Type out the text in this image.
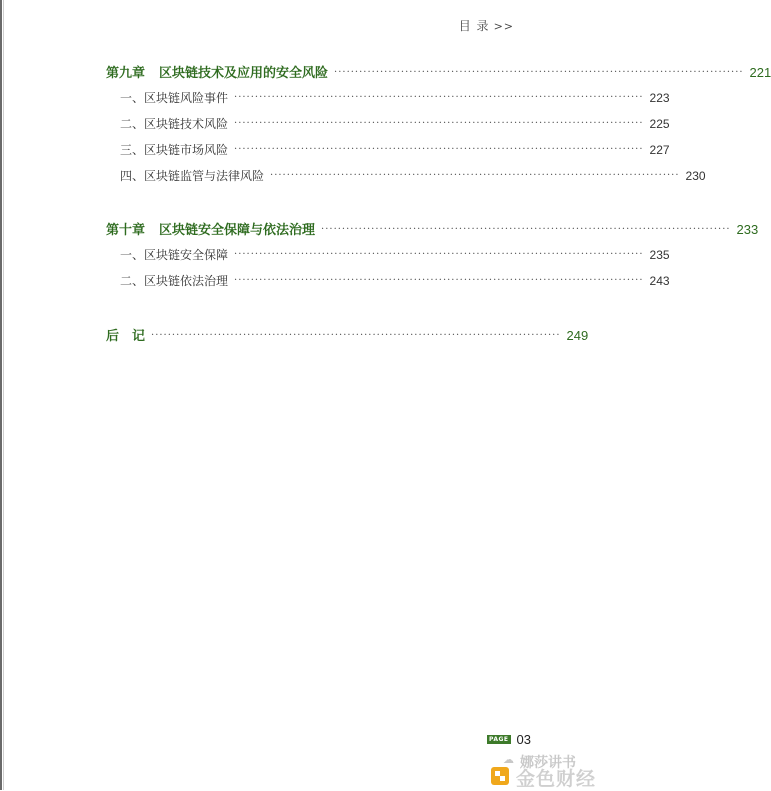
目 录 >>
第九章 区块链技术及应用的安全风险 ·································································································· 221
一、区块链风险事件 ·································································································· 223
二、区块链技术风险 ·································································································· 225
三、区块链市场风险 ·································································································· 227
四、区块链监管与法律风险 ·································································································· 230
第十章 区块链安全保障与依法治理 ·································································································· 233
一、区块链安全保障 ·································································································· 235
二、区块链依法治理 ·································································································· 243
后　记 ·································································································· 249
PAGE 03
☁ 娜莎讲书
金色财经
